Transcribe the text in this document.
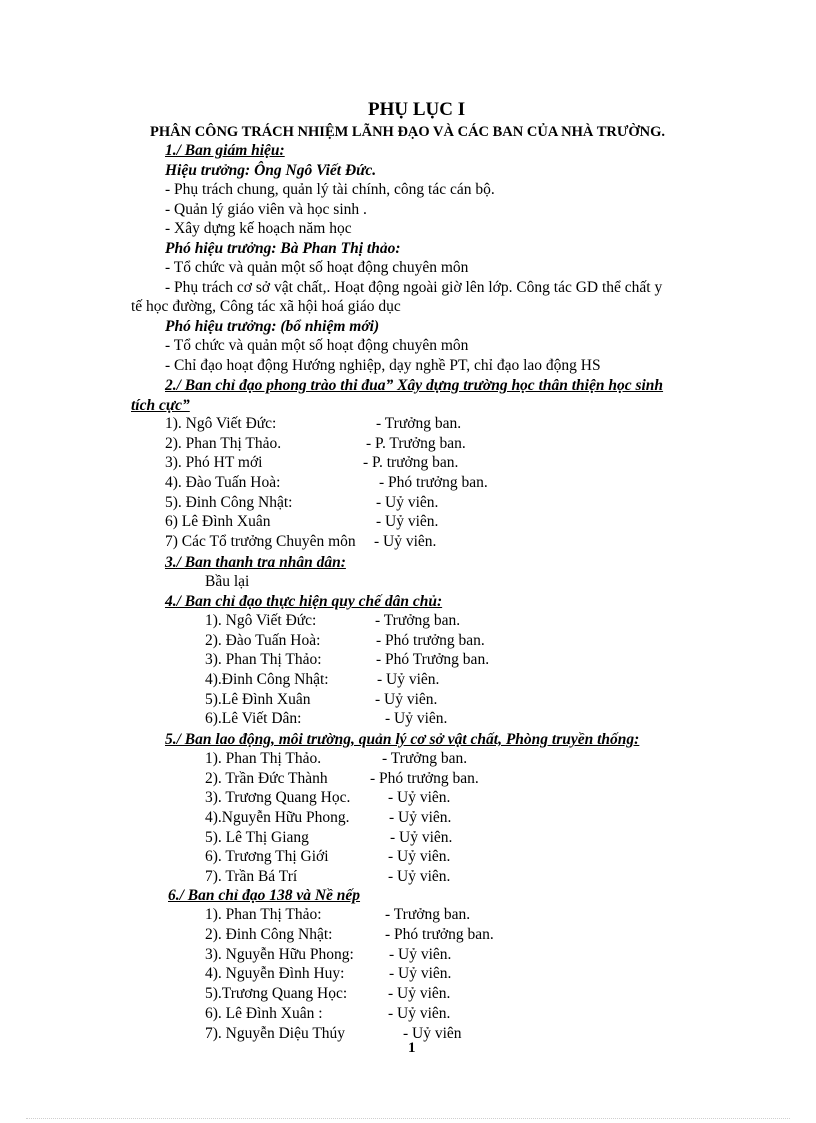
PHỤ LỤC I
PHÂN CÔNG TRÁCH NHIỆM LÃNH ĐẠO VÀ CÁC BAN CỦA NHÀ TRƯỜNG.
1./ Ban giám hiệu:
Hiệu trưởng: Ông Ngô Viết Đức.
- Phụ trách chung, quản lý tài chính, công tác cán bộ.
- Quản lý giáo viên và học sinh .
- Xây dựng kế hoạch năm học
Phó hiệu trưởng: Bà Phan Thị thảo:
- Tổ chức và quản một số hoạt động chuyên môn
- Phụ trách cơ sở vật chất,. Hoạt động ngoài giờ lên lớp. Công tác GD thể chất y
tế học đường, Công tác xã hội hoá giáo dục
Phó hiệu trưởng: (bổ nhiệm mới)
- Tổ chức và quản một số hoạt động chuyên môn
- Chỉ đạo hoạt động Hướng nghiệp, dạy nghề PT, chỉ đạo lao động HS
2./ Ban chỉ đạo phong trào thi đua” Xây dựng trường học thân thiện học sinh
tích cực”
1). Ngô Viết Đức:	- Trưởng ban.
2). Phan Thị Thảo.	- P. Trưởng ban.
3). Phó HT mới	- P. trưởng ban.
4). Đào Tuấn Hoà:	- Phó trưởng ban.
5). Đinh Công Nhật:	- Uỷ viên.
6) Lê Đình Xuân	- Uỷ viên.
7) Các Tổ trưởng Chuyên môn - Uỷ viên.
3./ Ban thanh tra nhân dân:
Bầu lại
4./ Ban chỉ đạo thực hiện quy chế dân chủ:
1). Ngô Viết Đức:	- Trưởng ban.
2). Đào Tuấn Hoà:	- Phó trưởng ban.
3). Phan Thị Thảo:	- Phó Trưởng ban.
4).Đinh Công Nhật:	- Uỷ viên.
5).Lê Đình Xuân	- Uỷ viên.
6).Lê Viết Dân:	- Uỷ viên.
5./ Ban lao động, môi trường, quản lý cơ sở vật chất, Phòng truyền thống:
1). Phan Thị Thảo.	- Trưởng ban.
2). Trần Đức Thành	- Phó trưởng ban.
3). Trương Quang Học. - Uỷ viên.
4).Nguyễn Hữu Phong.	- Uỷ viên.
5). Lê Thị Giang	- Uỷ viên.
6). Trương Thị Giới	- Uỷ viên.
7). Trần Bá Trí	- Uỷ viên.
6./ Ban chỉ đạo 138 và Nề nếp
1). Phan Thị Thảo:	- Trưởng ban.
2). Đinh Công Nhật:	- Phó trưởng ban.
3). Nguyễn Hữu Phong: - Uỷ viên.
4). Nguyễn Đình Huy:	- Uỷ viên.
5).Trương Quang Học:	- Uỷ viên.
6). Lê Đình Xuân :	- Uỷ viên.
7). Nguyễn Diệu Thúy	- Uỷ viên
1
